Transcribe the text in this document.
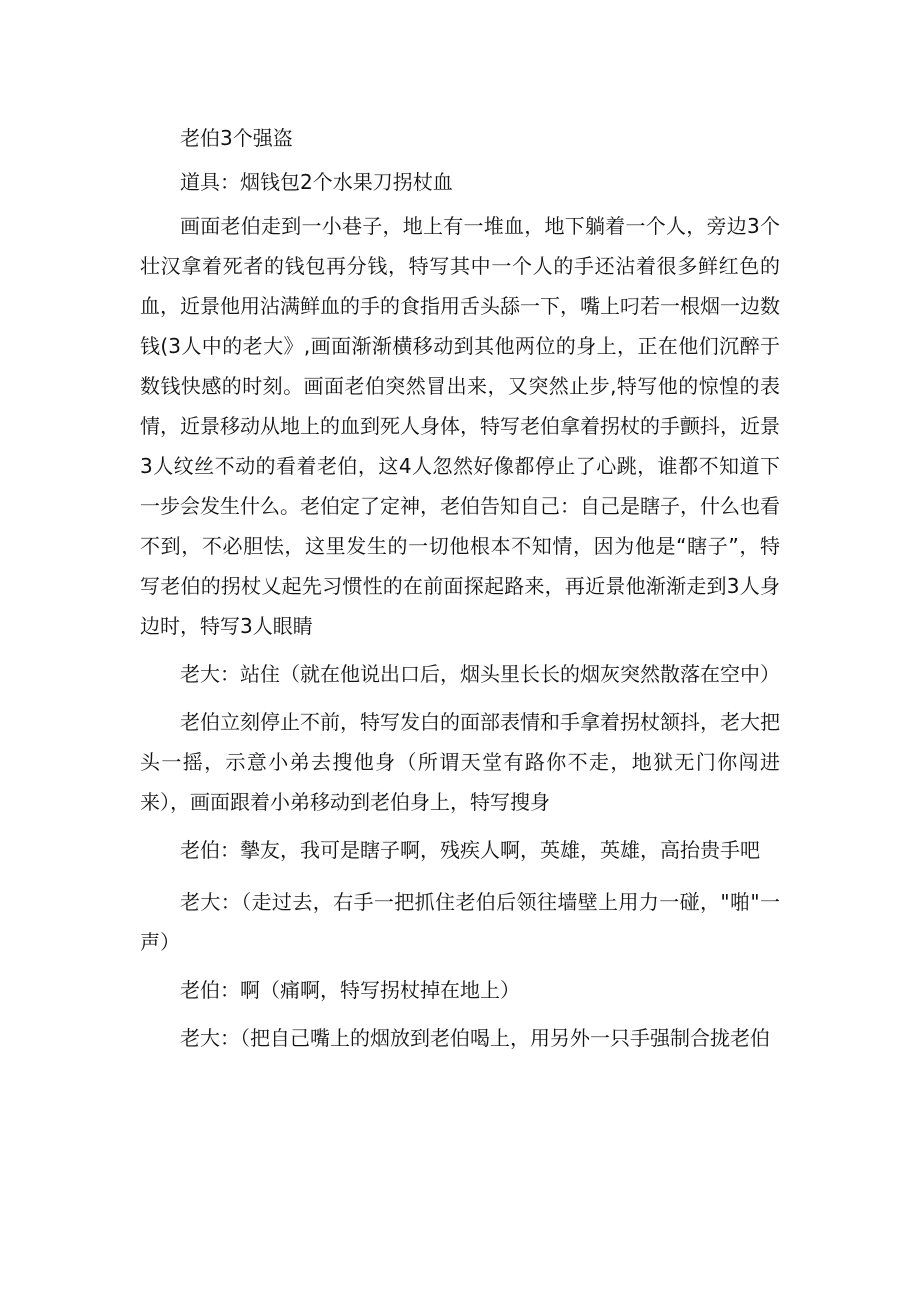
老伯3个强盗

道具：烟钱包2个水果刀拐杖血

画面老伯走到一小巷子，地上有一堆血，地下躺着一个人，旁边3个壮汉拿着死者的钱包再分钱，特写其中一个人的手还沾着很多鲜红色的血，近景他用沾满鲜血的手的食指用舌头舔一下，嘴上叼若一根烟一边数钱(3人中的老大》,画面渐渐横移动到其他两位的身上，正在他们沉醉于数钱快感的时刻。画面老伯突然冒出来，又突然止步,特写他的惊惶的表情，近景移动从地上的血到死人身体，特写老伯拿着拐杖的手颤抖，近景3人纹丝不动的看着老伯，这4人忽然好像都停止了心跳，谁都不知道下一步会发生什么。老伯定了定神，老伯告知自己：自己是瞎子，什么也看不到，不必胆怯，这里发生的一切他根本不知情，因为他是“瞎子”，特写老伯的拐杖乂起先习惯性的在前面探起路来，再近景他渐渐走到3人身边时，特写3人眼睛

老大：站住（就在他说出口后，烟头里长长的烟灰突然散落在空中）

老伯立刻停止不前，特写发白的面部表情和手拿着拐杖颔抖，老大把头一摇，示意小弟去搜他身（所谓天堂有路你不走，地狱无门你闯进来），画面跟着小弟移动到老伯身上，特写搜身

老伯：摰友，我可是瞎子啊，残疾人啊，英雄，英雄，高抬贵手吧

老大：（走过去，右手一把抓住老伯后领往墙壁上用力一碰，"啪"一声）

老伯：啊（痛啊，特写拐杖掉在地上）

老大：（把自己嘴上的烟放到老伯喝上，用另外一只手强制合拢老伯
